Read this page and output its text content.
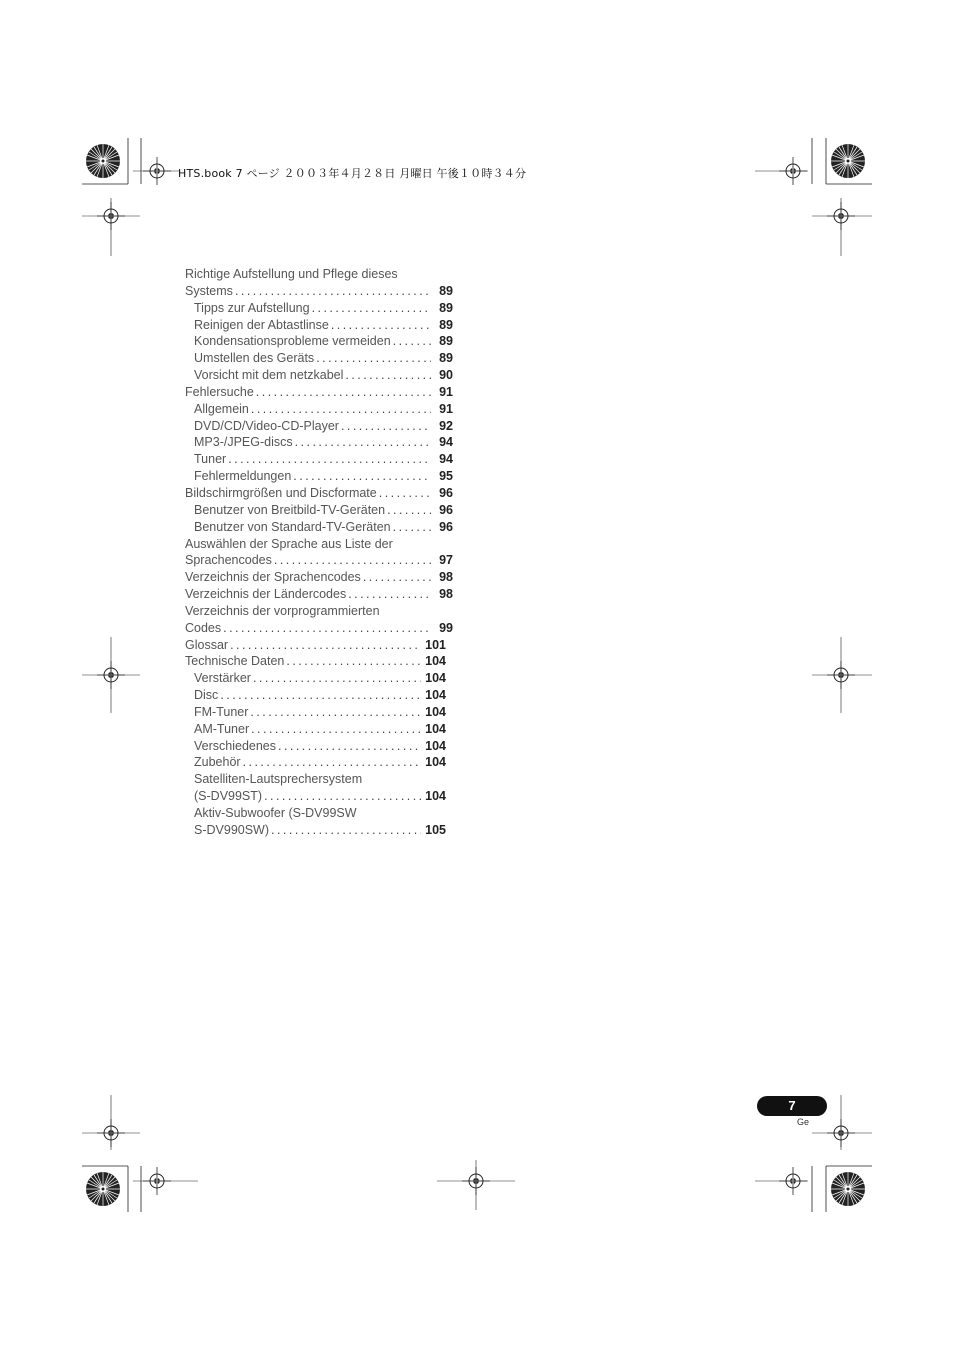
HTS.book 7 ページ ２００３年４月２８日 月曜日 午後１０時３４分
Richtige Aufstellung und Pflege dieses
Systems . . .	89
Tipps zur Aufstellung . . .	89
Reinigen der Abtastlinse . . .	89
Kondensationsprobleme vermeiden . . .	89
Umstellen des Geräts . . .	89
Vorsicht mit dem netzkabel . . .	90
Fehlersuche . . .	91
Allgemein . . .	91
DVD/CD/Video-CD-Player . . .	92
MP3-/JPEG-discs . . .	94
Tuner . . .	94
Fehlermeldungen . . .	95
Bildschirmgrößen und Discformate . . .	96
Benutzer von Breitbild-TV-Geräten . . .	96
Benutzer von Standard-TV-Geräten . . .	96
Auswählen der Sprache aus Liste der
Sprachencodes . . .	97
Verzeichnis der Sprachencodes . . .	98
Verzeichnis der Ländercodes . . .	98
Verzeichnis der vorprogrammierten
Codes . . .	99
Glossar . . .	101
Technische Daten . . .	104
Verstärker . . .	104
Disc . . .	104
FM-Tuner . . .	104
AM-Tuner . . .	104
Verschiedenes . . .	104
Zubehör . . .	104
Satelliten-Lautsprechersystem
(S-DV99ST) . . .	104
Aktiv-Subwoofer (S-DV99SW
S-DV990SW) . . .	105
7
Ge
